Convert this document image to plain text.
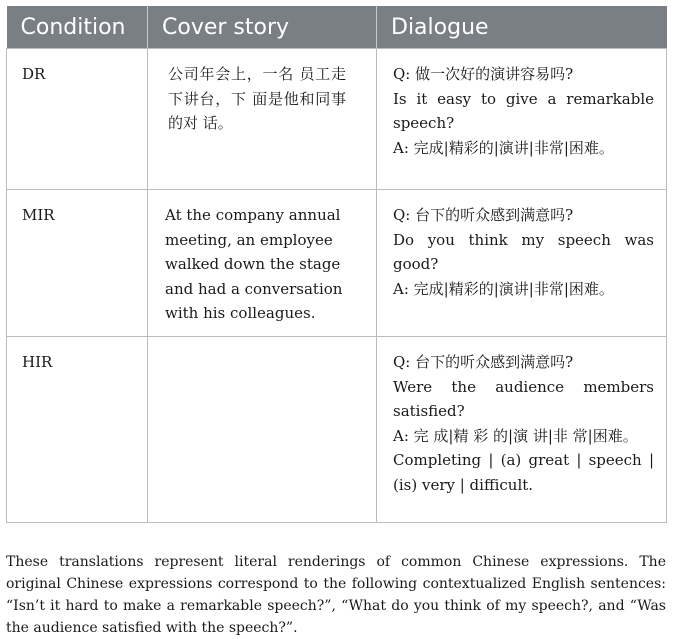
Condition	Cover story	Dialogue
DR	公司年会上，一名 员工走下讲台，下 面是他和同事的对 话。	Q: 做一次好的演讲容易吗?
Is it easy to give a remarkable speech?
A: 完成|精彩的|演讲|非常|困难。

MIR	At the company annual meeting, an employee walked down the stage and had a conversation with his colleagues.	Q: 台下的听众感到满意吗?
Do you think my speech was good?
A: 完成|精彩的|演讲|非常|困难。

HIR		Q: 台下的听众感到满意吗?
Were the audience members satisfied?
A: 完 成|精 彩 的|演 讲|非 常|困难。
Completing | (a) great | speech | (is) very | difficult.

These translations represent literal renderings of common Chinese expressions. The original Chinese expressions correspond to the following contextualized English sentences: “Isn’t it hard to make a remarkable speech?”, “What do you think of my speech?, and “Was the audience satisfied with the speech?”.
